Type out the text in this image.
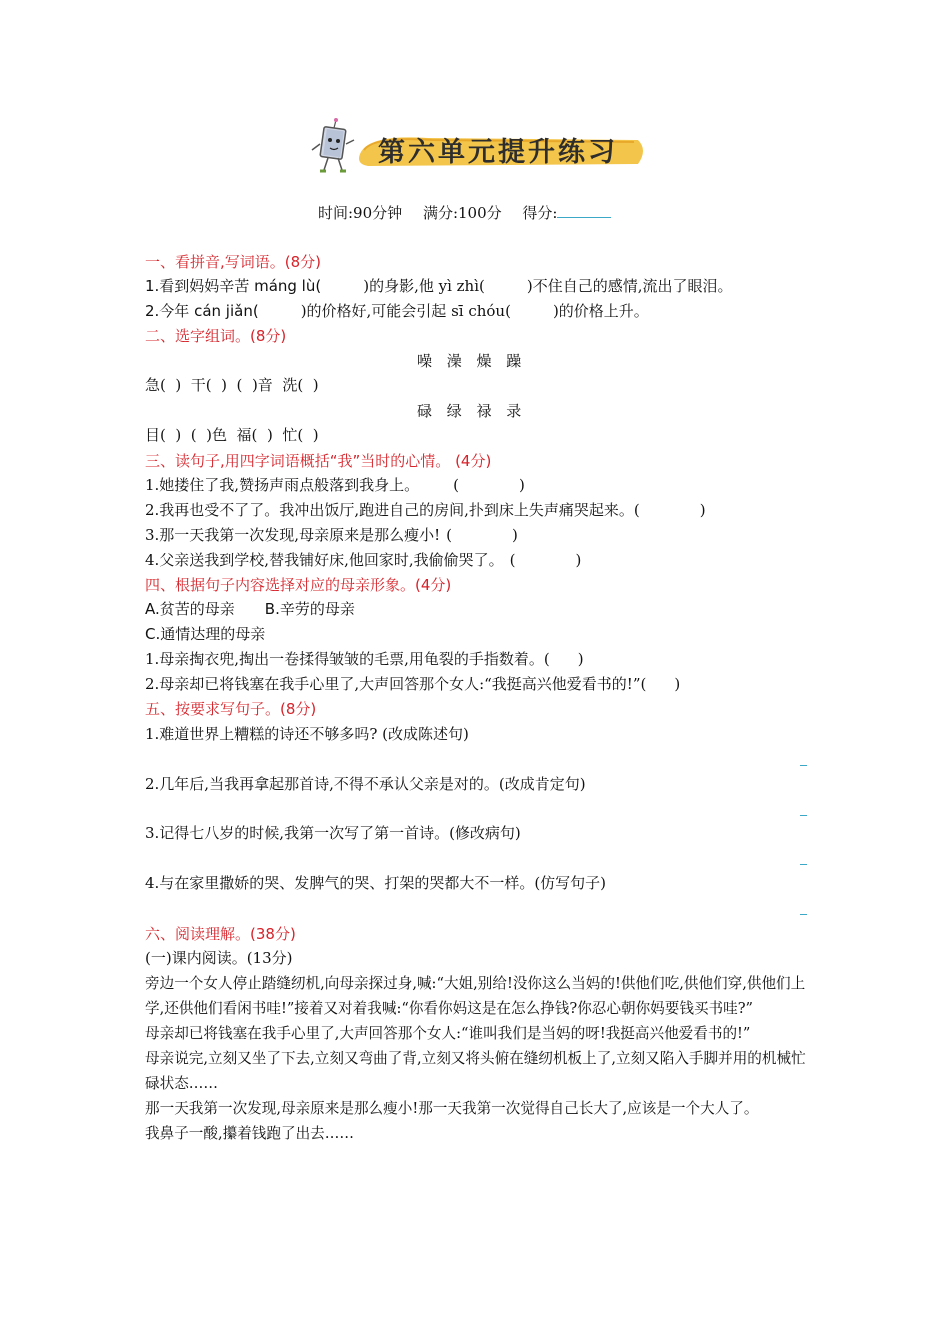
第六单元提升练习
时间:90分钟 满分:100分 得分:
一、看拼音,写词语。(8分)
1.看到妈妈辛苦 máng lù(	)的身影,他 yì zhì(	)不住自己的感情,流出了眼泪。
2.今年 cán jiǎn(	)的价格好,可能会引起 sī chóu(	)的价格上升。
二、选字组词。(8分)
噪 澡 燥 躁
急(  )  干(  )  (  )音  洗(  )
碌 绿 禄 录
目(  )  (  )色  福(  )  忙(  )
三、读句子,用四字词语概括“我”当时的心情。 (4分)
1.她搂住了我,赞扬声雨点般落到我身上。 (    )
2.我再也受不了了。我冲出饭厅,跑进自己的房间,扑到床上失声痛哭起来。(    )
3.那一天我第一次发现,母亲原来是那么瘦小! (    )
4.父亲送我到学校,替我铺好床,他回家时,我偷偷哭了。 (    )
四、根据句子内容选择对应的母亲形象。(4分)
A.贫苦的母亲 B.辛劳的母亲
C.通情达理的母亲
1.母亲掏衣兜,掏出一卷揉得皱皱的毛票,用龟裂的手指数着。( )
2.母亲却已将钱塞在我手心里了,大声回答那个女人:“我挺高兴他爱看书的!”( )
五、按要求写句子。(8分)
1.难道世界上糟糕的诗还不够多吗? (改成陈述句)
2.几年后,当我再拿起那首诗,不得不承认父亲是对的。(改成肯定句)
3.记得七八岁的时候,我第一次写了第一首诗。(修改病句)
4.与在家里撒娇的哭、发脾气的哭、打架的哭都大不一样。(仿写句子)
六、阅读理解。(38分)
(一)课内阅读。(13分)
旁边一个女人停止踏缝纫机,向母亲探过身,喊:“大姐,别给!没你这么当妈的!供他们吃,供他们穿,供他们上学,还供他们看闲书哇!”接着又对着我喊:“你看你妈这是在怎么挣钱?你忍心朝你妈要钱买书哇?”
母亲却已将钱塞在我手心里了,大声回答那个女人:“谁叫我们是当妈的呀!我挺高兴他爱看书的!”
母亲说完,立刻又坐了下去,立刻又弯曲了背,立刻又将头俯在缝纫机板上了,立刻又陷入手脚并用的机械忙碌状态……
那一天我第一次发现,母亲原来是那么瘦小!那一天我第一次觉得自己长大了,应该是一个大人了。
我鼻子一酸,攥着钱跑了出去……
